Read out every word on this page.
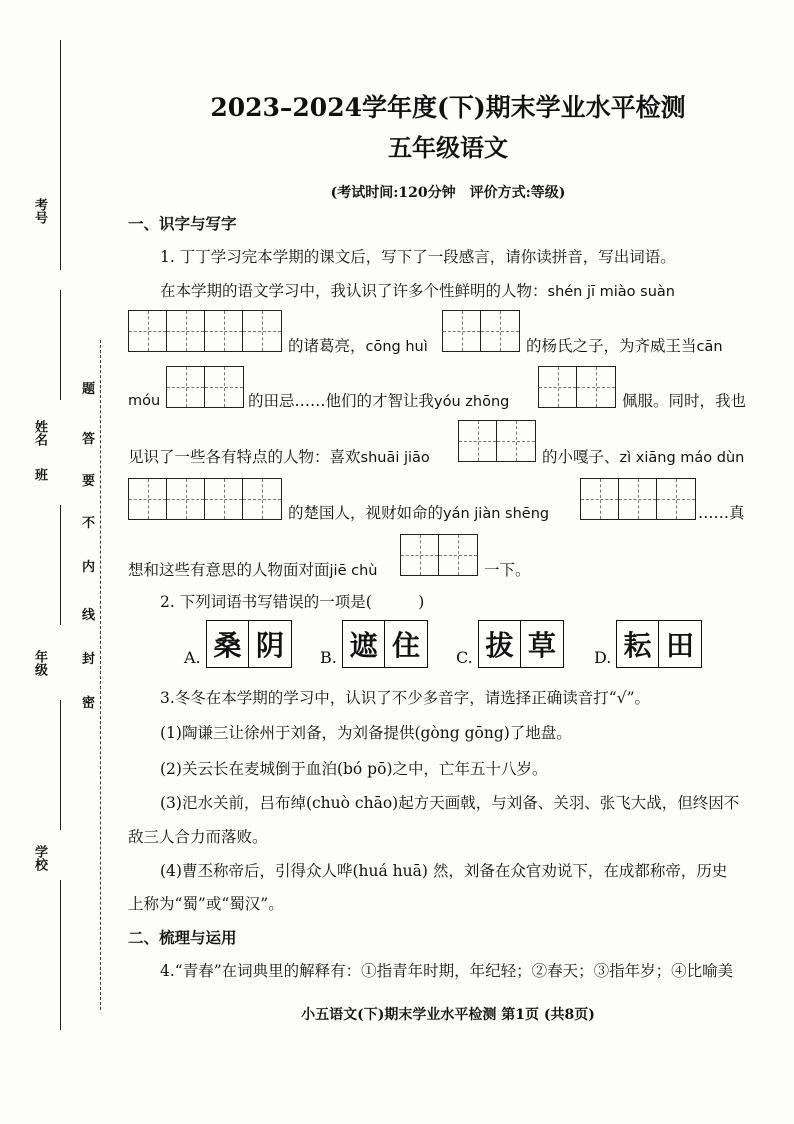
考号
姓名
班
年级
学校
题
答
要
不
内
线
封
密
2023–2024学年度(下)期末学业水平检测
五年级语文
(考试时间:120分钟　评价方式:等级)
一、识字与写字
1. 丁丁学习完本学期的课文后，写下了一段感言，请你读拼音，写出词语。
在本学期的语文学习中，我认识了许多个性鲜明的人物：shén jī miào suàn
的诸葛亮，cōng huì	的杨氏之子，为齐威王当cān
móu	的田忌……他们的才智让我yóu zhōng	佩服。同时，我也
见识了一些各有特点的人物：喜欢shuāi jiāo	的小嘎子、zì xiāng máo dùn
的楚国人，视财如命的yán jiàn shēng	……真
想和这些有意思的人物面对面jiē chù	一下。
2. 下列词语书写错误的一项是(　　　)
A. 桑 阴	B. 遮 住	C. 拔 草	D. 耘 田
3.冬冬在本学期的学习中，认识了不少多音字，请选择正确读音打“√”。
(1)陶谦三让徐州于刘备，为刘备提供(gòng gōng)了地盘。
(2)关云长在麦城倒于血泊(bó pō)之中，亡年五十八岁。
(3)汜水关前，吕布绰(chuò chāo)起方天画戟，与刘备、关羽、张飞大战，但终因不
敌三人合力而落败。
(4)曹丕称帝后，引得众人哗(huá huā) 然，刘备在众官劝说下，在成都称帝，历史
上称为“蜀”或“蜀汉”。
二、梳理与运用
4.“青春”在词典里的解释有：①指青年时期，年纪轻；②春天；③指年岁；④比喻美
小五语文(下)期末学业水平检测 第1页 (共8页)
